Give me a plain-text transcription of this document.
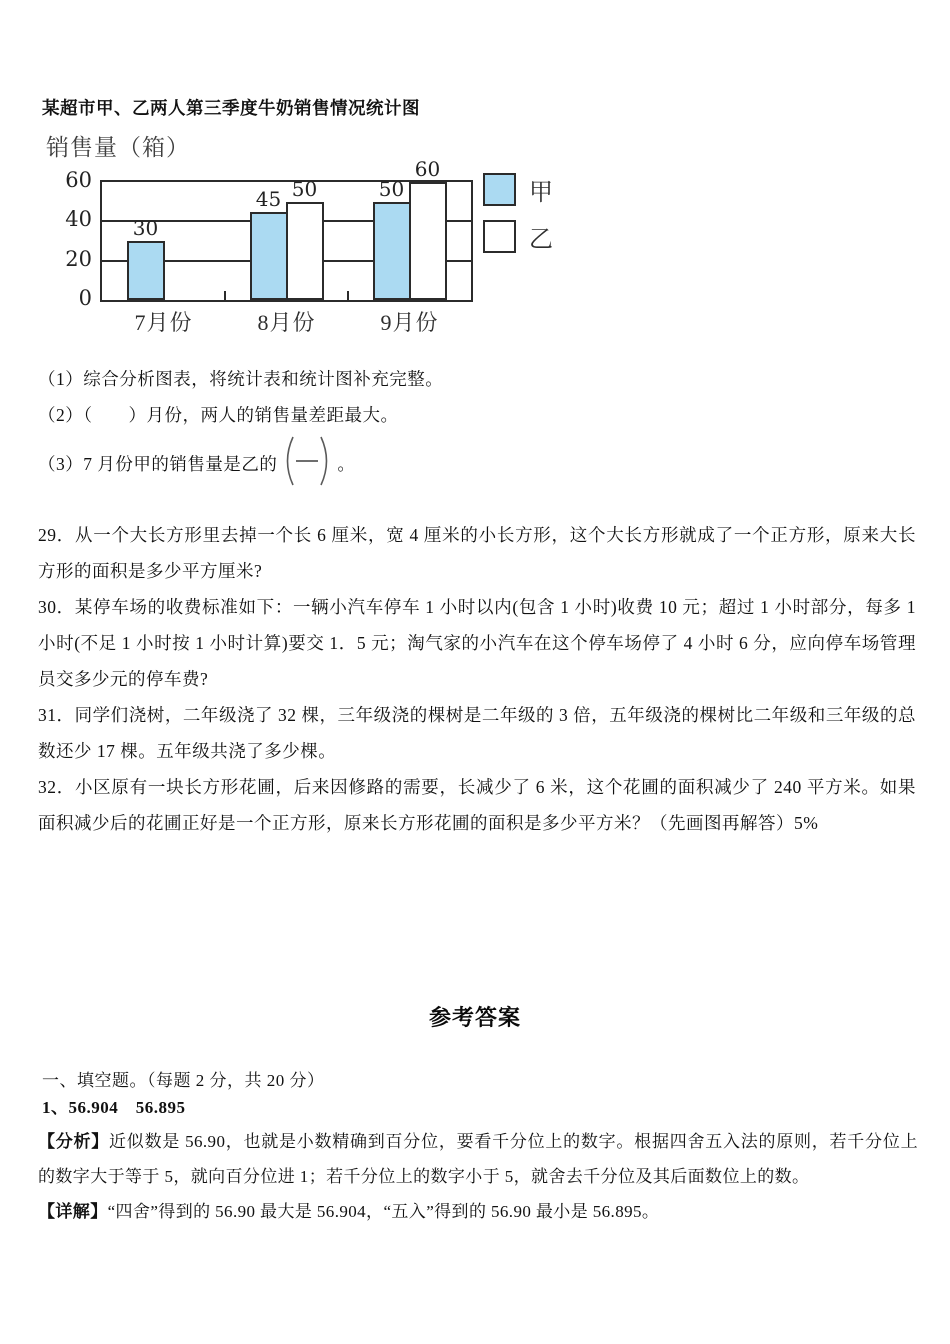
某超市甲、乙两人第三季度牛奶销售情况统计图
销售量（箱）
30
45	50
50
60
0
20
40
60
7月份	8月份	9月份
甲
乙
（1）综合分析图表，将统计表和统计图补充完整。
（2）（　　）月份，两人的销售量差距最大。
（3）7 月份甲的销售量是乙的	。

29．从一个大长方形里去掉一个长 6 厘米，宽 4 厘米的小长方形，这个大长方形就成了一个正方形，原来大长方形的面积是多少平方厘米?

30．某停车场的收费标准如下：一辆小汽车停车 1 小时以内(包含 1 小时)收费 10 元；超过 1 小时部分，每多 1 小时(不足 1 小时按 1 小时计算)要交 1．5 元；淘气家的小汽车在这个停车场停了 4 小时 6 分，应向停车场管理员交多少元的停车费?

31．同学们浇树，二年级浇了 32 棵，三年级浇的棵树是二年级的 3 倍，五年级浇的棵树比二年级和三年级的总数还少 17 棵。五年级共浇了多少棵。

32．小区原有一块长方形花圃，后来因修路的需要，长减少了 6 米，这个花圃的面积减少了 240 平方米。如果面积减少后的花圃正好是一个正方形，原来长方形花圃的面积是多少平方米？（先画图再解答）5%

参考答案
一、填空题。（每题 2 分，共 20 分）
1、56.904　56.895

【分析】近似数是 56.90，也就是小数精确到百分位，要看千分位上的数字。根据四舍五入法的原则，若千分位上的数字大于等于 5，就向百分位进 1；若千分位上的数字小于 5，就舍去千分位及其后面数位上的数。

【详解】“四舍”得到的 56.90 最大是 56.904，“五入”得到的 56.90 最小是 56.895。
